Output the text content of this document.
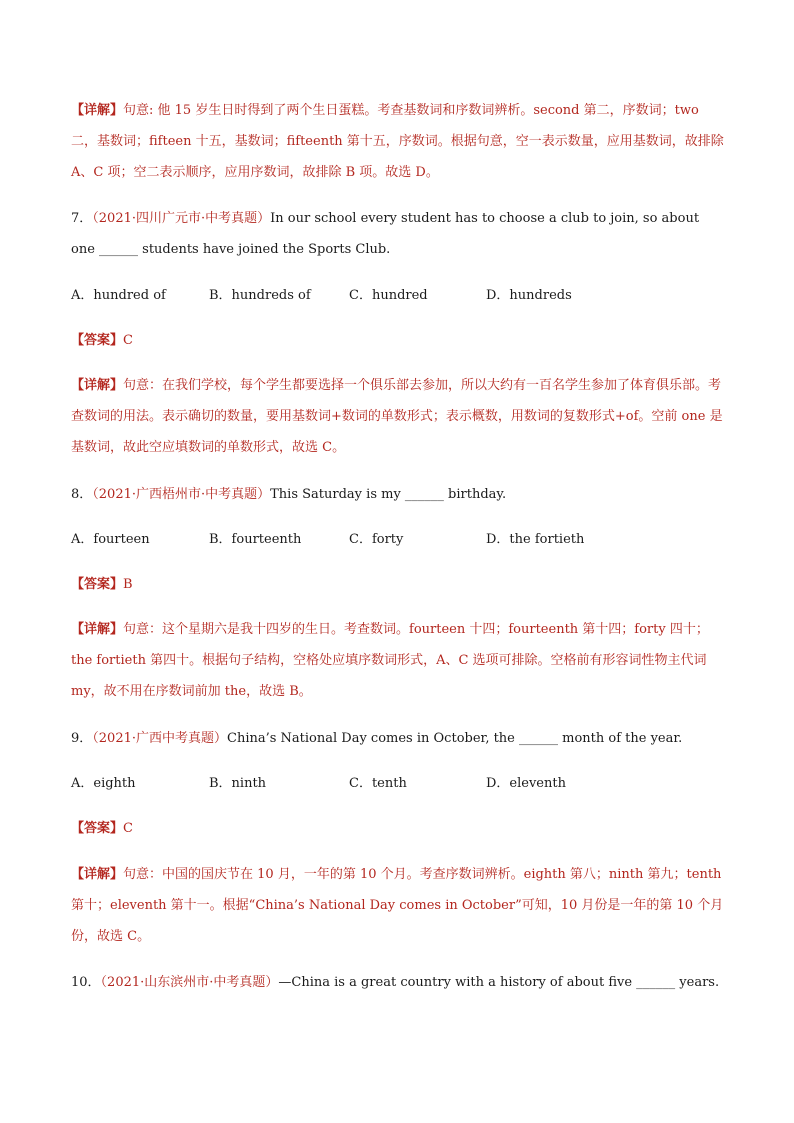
【详解】句意: 他 15 岁生日时得到了两个生日蛋糕。考查基数词和序数词辨析。second 第二，序数词；two 二，基数词；fifteen 十五，基数词；fifteenth 第十五，序数词。根据句意，空一表示数量，应用基数词，故排除 A、C 项；空二表示顺序，应用序数词，故排除 B 项。故选 D。

7．（2021·四川广元市·中考真题）In our school every student has to choose a club to join, so about one ______ students have joined the Sports Club.

A．hundred of	B．hundreds of	C．hundred	D．hundreds

【答案】C

【详解】句意：在我们学校，每个学生都要选择一个俱乐部去参加，所以大约有一百名学生参加了体育俱乐部。考查数词的用法。表示确切的数量，要用基数词+数词的单数形式；表示概数，用数词的复数形式+of。空前 one 是基数词，故此空应填数词的单数形式，故选 C。

8．（2021·广西梧州市·中考真题）This Saturday is my ______ birthday.

A．fourteen	B．fourteenth	C．forty	D．the fortieth

【答案】B

【详解】句意：这个星期六是我十四岁的生日。考查数词。fourteen 十四；fourteenth 第十四；forty 四十；the fortieth 第四十。根据句子结构，空格处应填序数词形式，A、C 选项可排除。空格前有形容词性物主代词 my，故不用在序数词前加 the，故选 B。

9．（2021·广西中考真题）China’s National Day comes in October, the ______ month of the year.

A．eighth	B．ninth	C．tenth	D．eleventh

【答案】C

【详解】句意：中国的国庆节在 10 月，一年的第 10 个月。考查序数词辨析。eighth 第八；ninth 第九；tenth 第十；eleventh 第十一。根据“China’s National Day comes in October”可知，10 月份是一年的第 10 个月份，故选 C。

10．（2021·山东滨州市·中考真题）—China is a great country with a history of about five ______ years.
